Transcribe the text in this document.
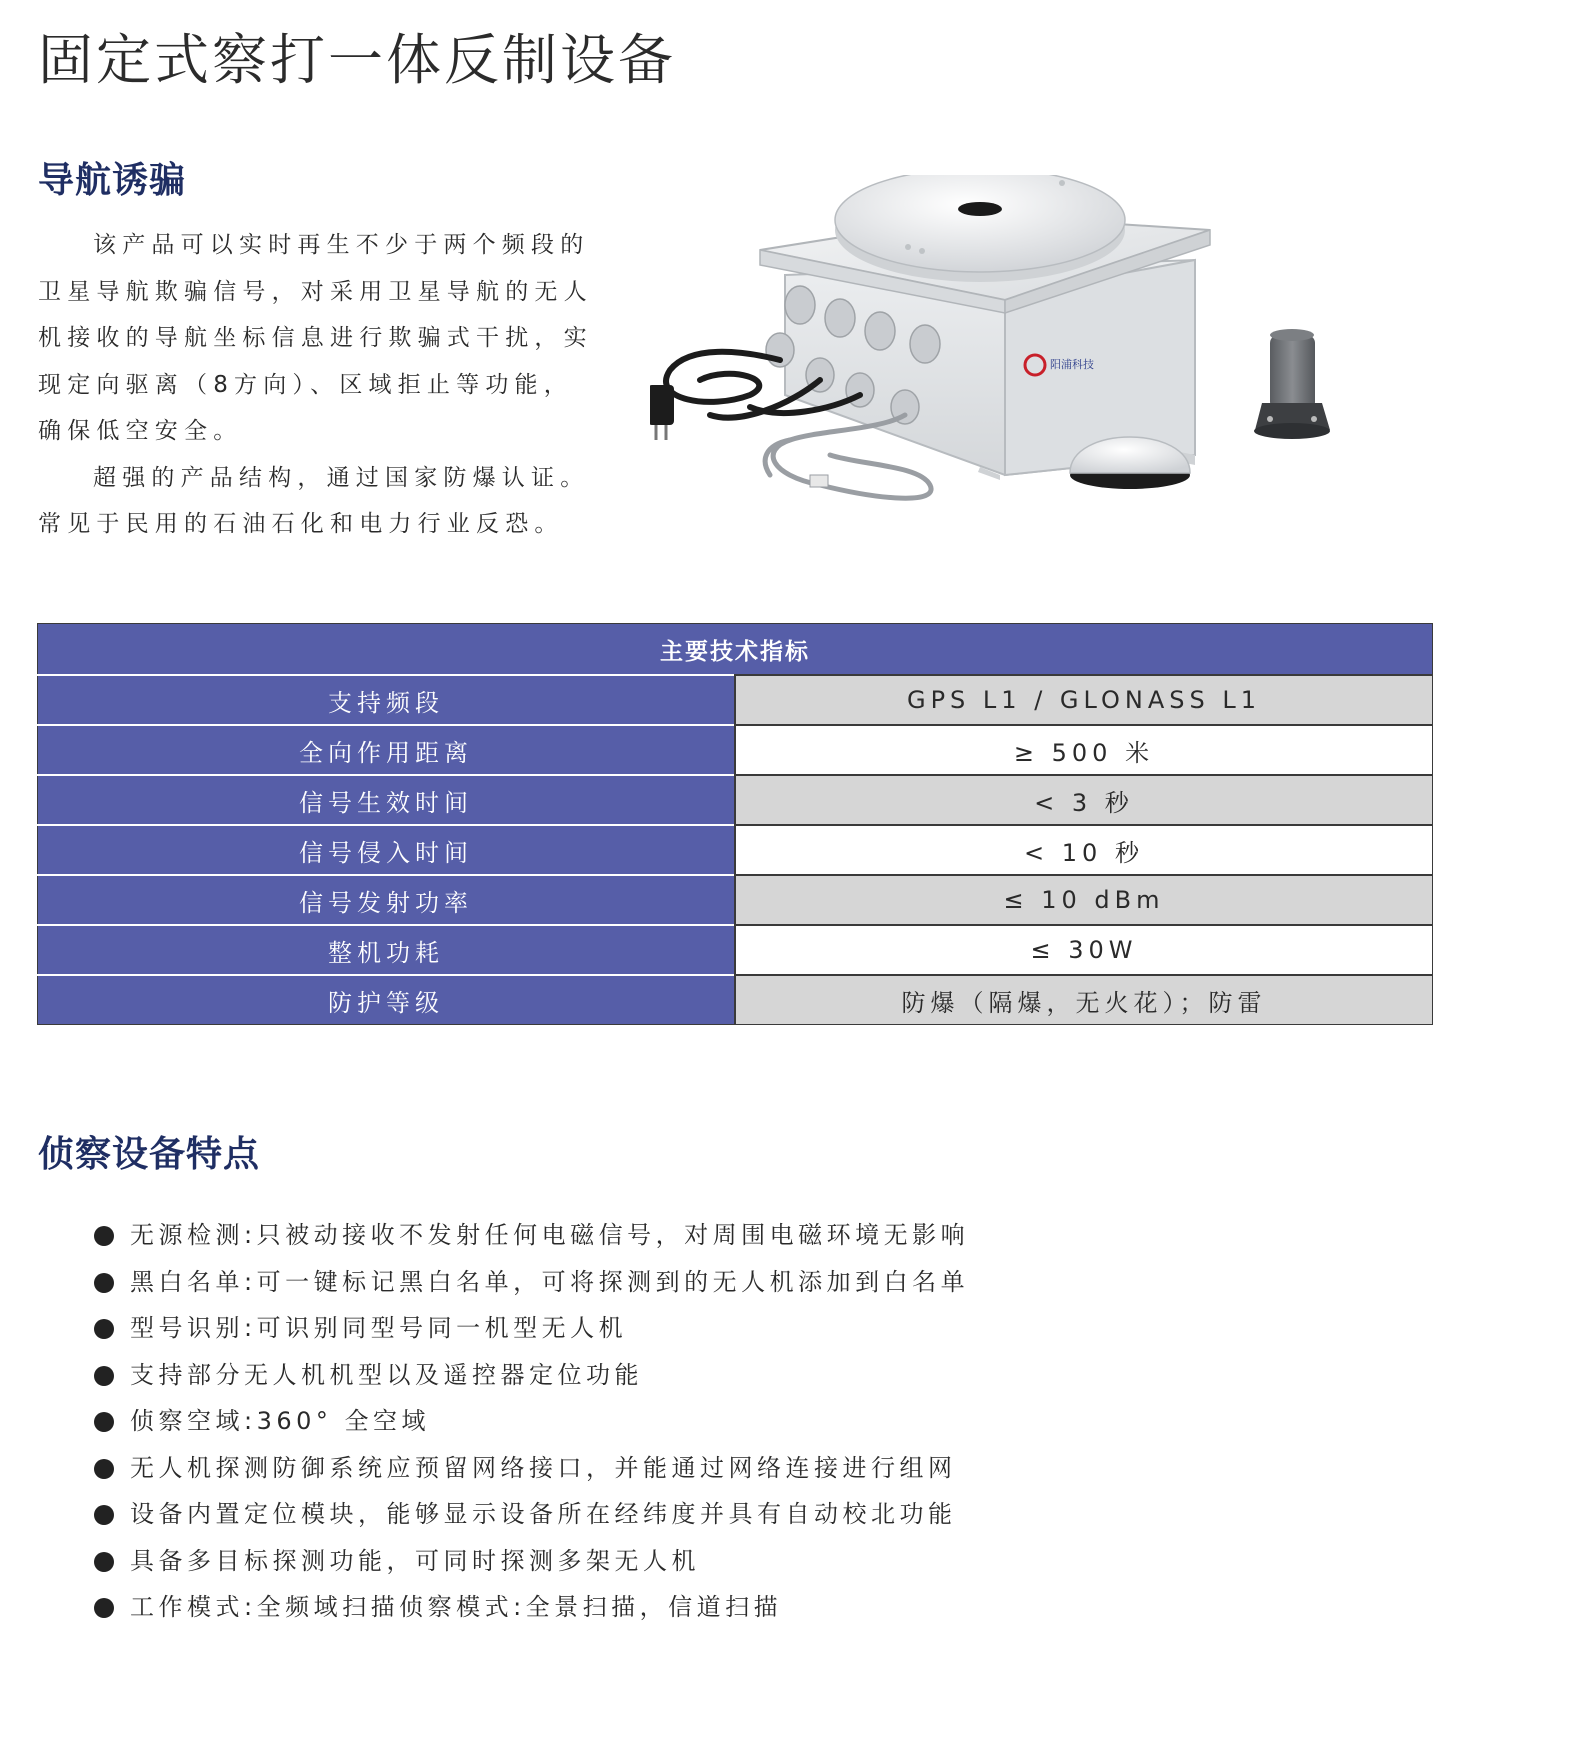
固定式察打一体反制设备
导航诱骗

该产品可以实时再生不少于两个频段的卫星导航欺骗信号，对采用卫星导航的无人机接收的导航坐标信息进行欺骗式干扰，实现定向驱离（8方向）、区域拒止等功能，确保低空安全。

超强的产品结构，通过国家防爆认证。常见于民用的石油石化和电力行业反恐。

阳浦科技
主要技术指标	
支持频段	GPS L1 / GLONASS L1
全向作用距离	≥ 500 米
信号生效时间	< 3 秒
信号侵入时间	< 10 秒
信号发射功率	≤ 10 dBm
整机功耗	≤ 30W
防护等级	防爆（隔爆，无火花）；防雷
侦察设备特点
无源检测:只被动接收不发射任何电磁信号，对周围电磁环境无影响
黑白名单:可一键标记黑白名单，可将探测到的无人机添加到白名单
型号识别:可识别同型号同一机型无人机
支持部分无人机机型以及遥控器定位功能
侦察空域:360° 全空域
无人机探测防御系统应预留网络接口，并能通过网络连接进行组网
设备内置定位模块，能够显示设备所在经纬度并具有自动校北功能
具备多目标探测功能，可同时探测多架无人机
工作模式:全频域扫描侦察模式:全景扫描，信道扫描
